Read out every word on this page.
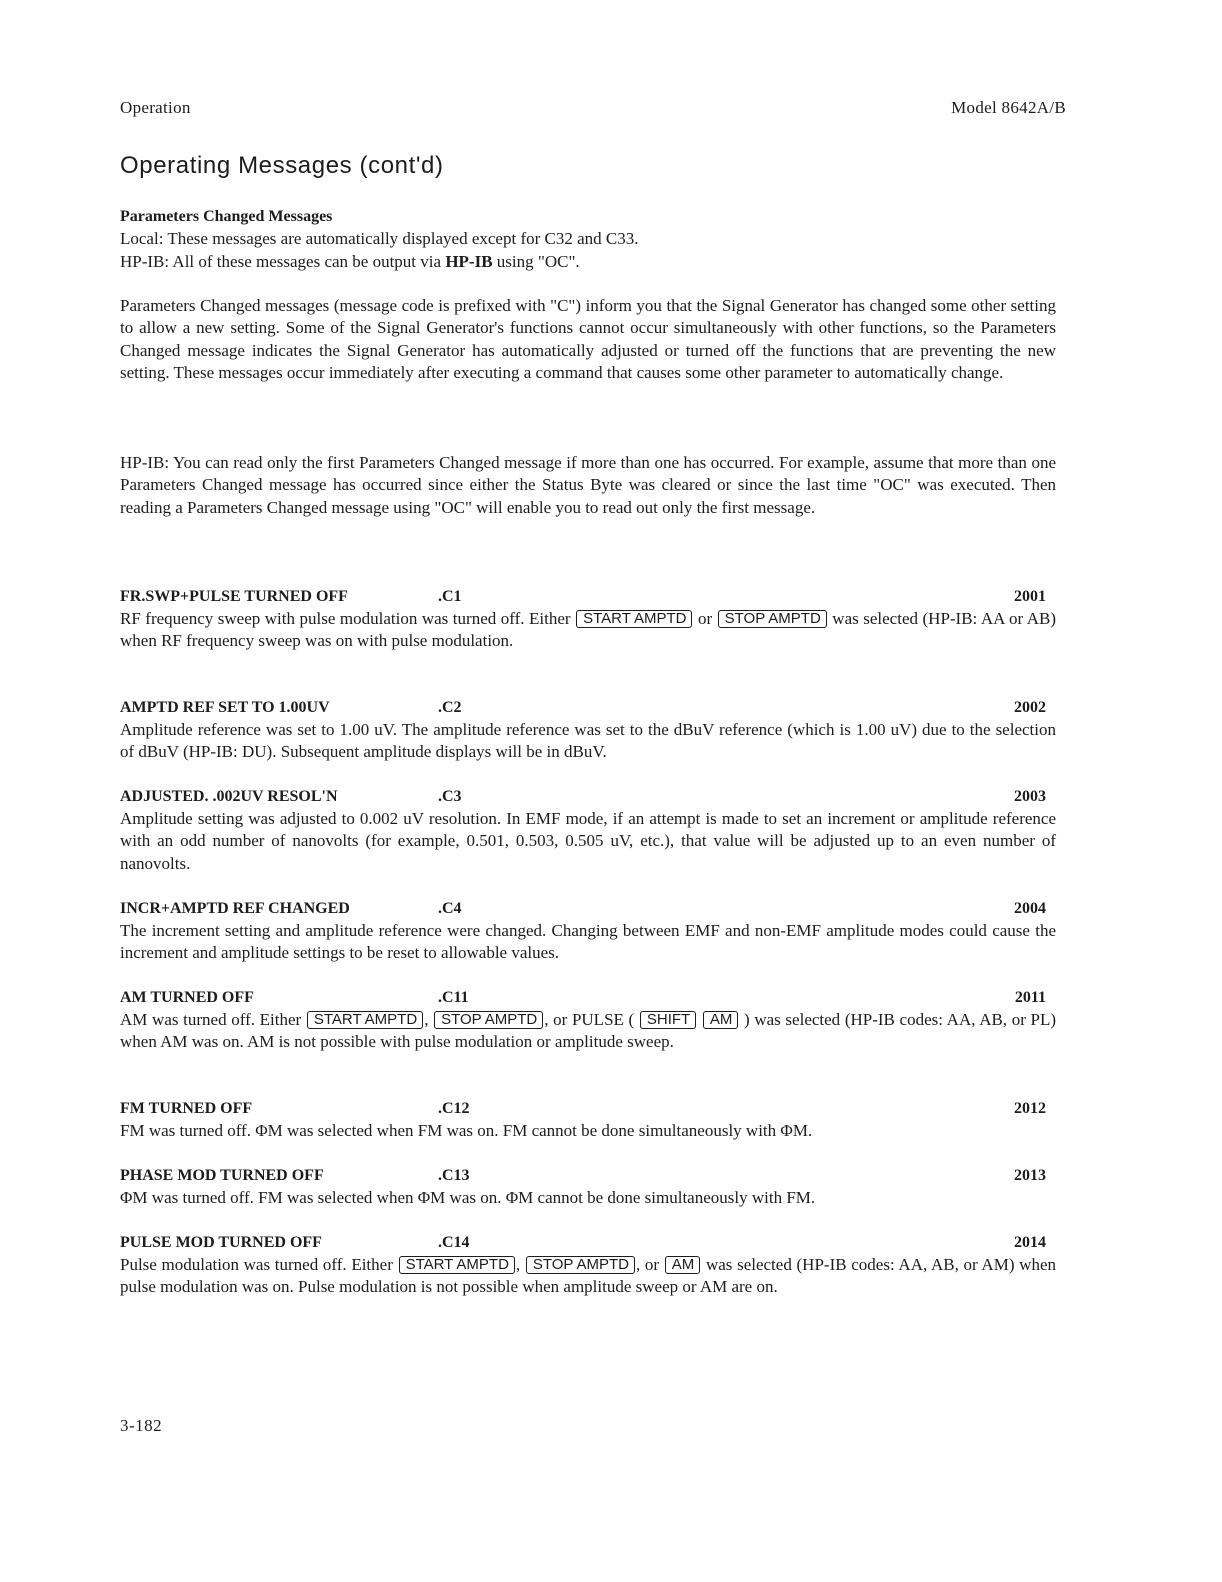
Operation	Model 8642A/B
Operating Messages (cont'd)
Parameters Changed Messages
Local: These messages are automatically displayed except for C32 and C33.
HP-IB: All of these messages can be output via HP-IB using "OC".

Parameters Changed messages (message code is prefixed with "C") inform you that the Signal Generator has changed some other setting to allow a new setting. Some of the Signal Generator's functions cannot occur simultaneously with other functions, so the Parameters Changed message indicates the Signal Generator has automatically adjusted or turned off the functions that are preventing the new setting. These messages occur immediately after executing a command that causes some other parameter to automatically change.

HP-IB: You can read only the first Parameters Changed message if more than one has occurred. For example, assume that more than one Parameters Changed message has occurred since either the Status Byte was cleared or since the last time "OC" was executed. Then reading a Parameters Changed message using "OC" will enable you to read out only the first message.

FR.SWP+PULSE TURNED OFF	.C1	2001

RF frequency sweep with pulse modulation was turned off. Either START AMPTD or STOP AMPTD was selected (HP-IB: AA or AB) when RF frequency sweep was on with pulse modulation.

AMPTD REF SET TO 1.00UV	.C2	2002

Amplitude reference was set to 1.00 uV. The amplitude reference was set to the dBuV reference (which is 1.00 uV) due to the selection of dBuV (HP-IB: DU). Subsequent amplitude displays will be in dBuV.

ADJUSTED. .002UV RESOL'N	.C3	2003

Amplitude setting was adjusted to 0.002 uV resolution. In EMF mode, if an attempt is made to set an increment or amplitude reference with an odd number of nanovolts (for example, 0.501, 0.503, 0.505 uV, etc.), that value will be adjusted up to an even number of nanovolts.

INCR+AMPTD REF CHANGED	.C4	2004

The increment setting and amplitude reference were changed. Changing between EMF and non-EMF amplitude modes could cause the increment and amplitude settings to be reset to allowable values.

AM TURNED OFF	.C11	2011

AM was turned off. Either START AMPTD , STOP AMPTD , or PULSE ( SHIFT AM ) was selected (HP-IB codes: AA, AB, or PL) when AM was on. AM is not possible with pulse modulation or amplitude sweep.

FM TURNED OFF	.C12	2012

FM was turned off. ΦM was selected when FM was on. FM cannot be done simultaneously with ΦM.

PHASE MOD TURNED OFF	.C13	2013

ΦM was turned off. FM was selected when ΦM was on. ΦM cannot be done simultaneously with FM.

PULSE MOD TURNED OFF	.C14	2014

Pulse modulation was turned off. Either START AMPTD , STOP AMPTD , or AM was selected (HP-IB codes: AA, AB, or AM) when pulse modulation was on. Pulse modulation is not possible when amplitude sweep or AM are on.

3-182
